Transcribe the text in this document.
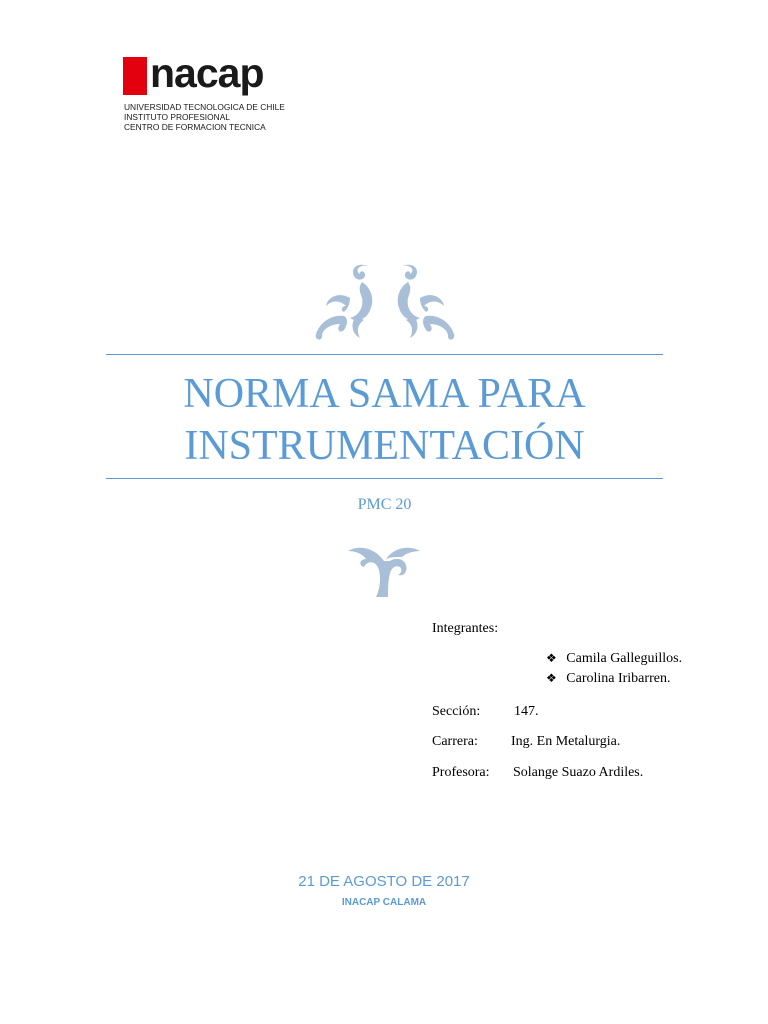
nacap
UNIVERSIDAD TECNOLOGICA DE CHILE
INSTITUTO PROFESIONAL
CENTRO DE FORMACION TECNICA
NORMA SAMA PARA
INSTRUMENTACIÓN
PMC 20
Integrantes:
❖ Camila Galleguillos.
❖ Carolina Iribarren.
Sección: 147.
Carrera: Ing. En Metalurgia.
Profesora: Solange Suazo Ardiles.
21 DE AGOSTO DE 2017
INACAP CALAMA
